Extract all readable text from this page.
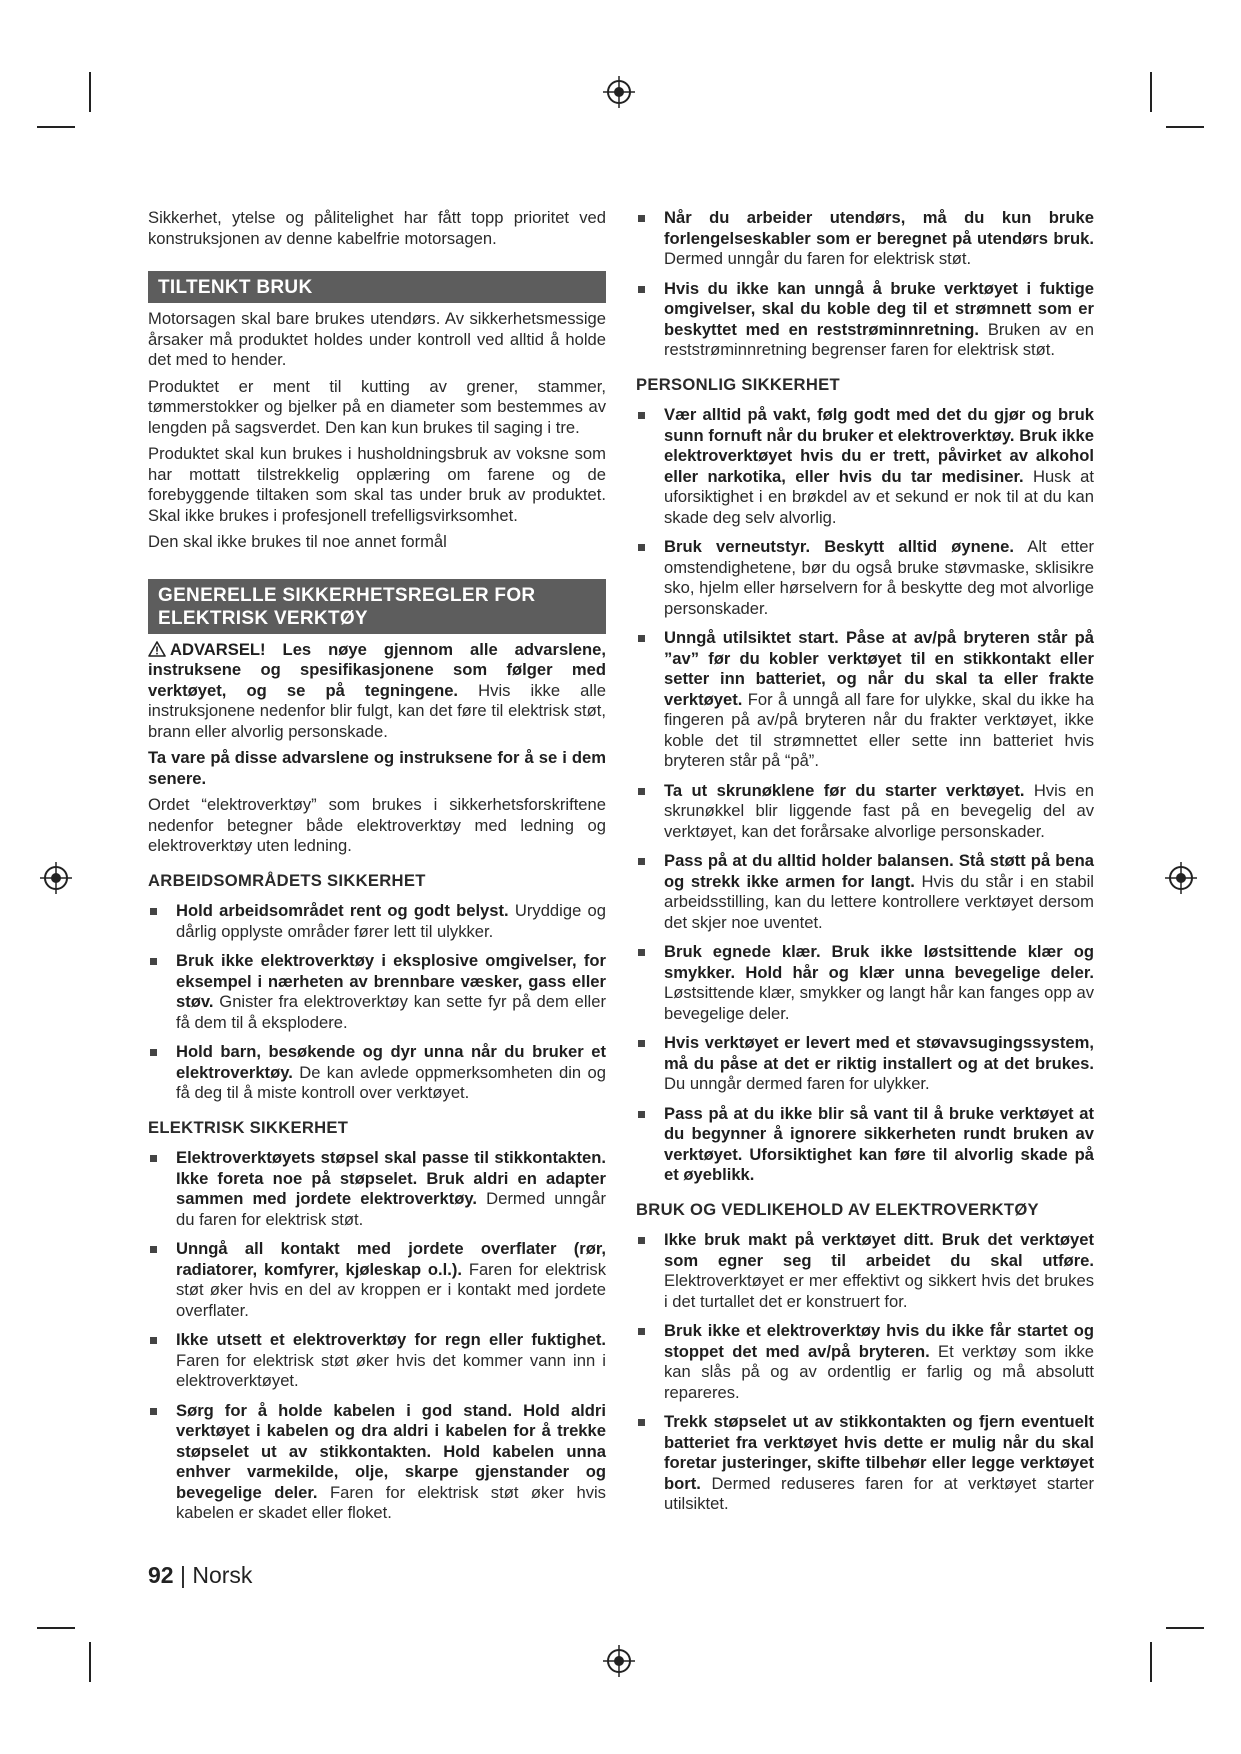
Sikkerhet, ytelse og pålitelighet har fått topp prioritet ved konstruksjonen av denne kabelfrie motorsagen.

TILTENKT BRUK

Motorsagen skal bare brukes utendørs. Av sikkerhetsmessige årsaker må produktet holdes under kontroll ved alltid å holde det med to hender.

Produktet er ment til kutting av grener, stammer, tømmerstokker og bjelker på en diameter som bestemmes av lengden på sagsverdet. Den kan kun brukes til saging i tre.

Produktet skal kun brukes i husholdningsbruk av voksne som har mottatt tilstrekkelig opplæring om farene og de forebyggende tiltaken som skal tas under bruk av produktet. Skal ikke brukes i profesjonell trefelligsvirksomhet.

Den skal ikke brukes til noe annet formål

GENERELLE SIKKERHETSREGLER FOR
ELEKTRISK VERKTØY

ADVARSEL! Les nøye gjennom alle advarslene, instruksene og spesifikasjonene som følger med verktøyet, og se på tegningene. Hvis ikke alle instruksjonene nedenfor blir fulgt, kan det føre til elektrisk støt, brann eller alvorlig personskade.

Ta vare på disse advarslene og instruksene for å se i dem senere.

Ordet “elektroverktøy” som brukes i sikkerhetsforskriftene nedenfor betegner både elektroverktøy med ledning og elektroverktøy uten ledning.

ARBEIDSOMRÅDETS SIKKERHET
Hold arbeidsområdet rent og godt belyst. Uryddige og dårlig opplyste områder fører lett til ulykker.
Bruk ikke elektroverktøy i eksplosive omgivelser, for eksempel i nærheten av brennbare væsker, gass eller støv. Gnister fra elektroverktøy kan sette fyr på dem eller få dem til å eksplodere.
Hold barn, besøkende og dyr unna når du bruker et elektroverktøy. De kan avlede oppmerksomheten din og få deg til å miste kontroll over verktøyet.
ELEKTRISK SIKKERHET
Elektroverktøyets støpsel skal passe til stikkontakten. Ikke foreta noe på støpselet. Bruk aldri en adapter sammen med jordete elektroverktøy. Dermed unngår du faren for elektrisk støt.
Unngå all kontakt med jordete overflater (rør, radiatorer, komfyrer, kjøleskap o.l.). Faren for elektrisk støt øker hvis en del av kroppen er i kontakt med jordete overflater.
Ikke utsett et elektroverktøy for regn eller fuktighet. Faren for elektrisk støt øker hvis det kommer vann inn i elektroverktøyet.
Sørg for å holde kabelen i god stand. Hold aldri verktøyet i kabelen og dra aldri i kabelen for å trekke støpselet ut av stikkontakten. Hold kabelen unna enhver varmekilde, olje, skarpe gjenstander og bevegelige deler. Faren for elektrisk støt øker hvis kabelen er skadet eller floket.
Når du arbeider utendørs, må du kun bruke forlengelseskabler som er beregnet på utendørs bruk. Dermed unngår du faren for elektrisk støt.
Hvis du ikke kan unngå å bruke verktøyet i fuktige omgivelser, skal du koble deg til et strømnett som er beskyttet med en reststrøminnretning. Bruken av en reststrøminnretning begrenser faren for elektrisk støt.
PERSONLIG SIKKERHET
Vær alltid på vakt, følg godt med det du gjør og bruk sunn fornuft når du bruker et elektroverktøy. Bruk ikke elektroverktøyet hvis du er trett, påvirket av alkohol eller narkotika, eller hvis du tar medisiner. Husk at uforsiktighet i en brøkdel av et sekund er nok til at du kan skade deg selv alvorlig.
Bruk verneutstyr. Beskytt alltid øynene. Alt etter omstendighetene, bør du også bruke støvmaske, sklisikre sko, hjelm eller hørselvern for å beskytte deg mot alvorlige personskader.
Unngå utilsiktet start. Påse at av/på bryteren står på ”av” før du kobler verktøyet til en stikkontakt eller setter inn batteriet, og når du skal ta eller frakte verktøyet. For å unngå all fare for ulykke, skal du ikke ha fingeren på av/på bryteren når du frakter verktøyet, ikke koble det til strømnettet eller sette inn batteriet hvis bryteren står på “på”.
Ta ut skrunøklene før du starter verktøyet. Hvis en skrunøkkel blir liggende fast på en bevegelig del av verktøyet, kan det forårsake alvorlige personskader.
Pass på at du alltid holder balansen. Stå støtt på bena og strekk ikke armen for langt. Hvis du står i en stabil arbeidsstilling, kan du lettere kontrollere verktøyet dersom det skjer noe uventet.
Bruk egnede klær. Bruk ikke løstsittende klær og smykker. Hold hår og klær unna bevegelige deler. Løstsittende klær, smykker og langt hår kan fanges opp av bevegelige deler.
Hvis verktøyet er levert med et støvavsugingssystem, må du påse at det er riktig installert og at det brukes. Du unngår dermed faren for ulykker.
Pass på at du ikke blir så vant til å bruke verktøyet at du begynner å ignorere sikkerheten rundt bruken av verktøyet. Uforsiktighet kan føre til alvorlig skade på et øyeblikk.
BRUK OG VEDLIKEHOLD AV ELEKTROVERKTØY
Ikke bruk makt på verktøyet ditt. Bruk det verktøyet som egner seg til arbeidet du skal utføre. Elektroverktøyet er mer effektivt og sikkert hvis det brukes i det turtallet det er konstruert for.
Bruk ikke et elektroverktøy hvis du ikke får startet og stoppet det med av/på bryteren. Et verktøy som ikke kan slås på og av ordentlig er farlig og må absolutt repareres.
Trekk støpselet ut av stikkontakten og fjern eventuelt batteriet fra verktøyet hvis dette er mulig når du skal foretar justeringer, skifte tilbehør eller legge verktøyet bort. Dermed reduseres faren for at verktøyet starter utilsiktet.
92 | Norsk
